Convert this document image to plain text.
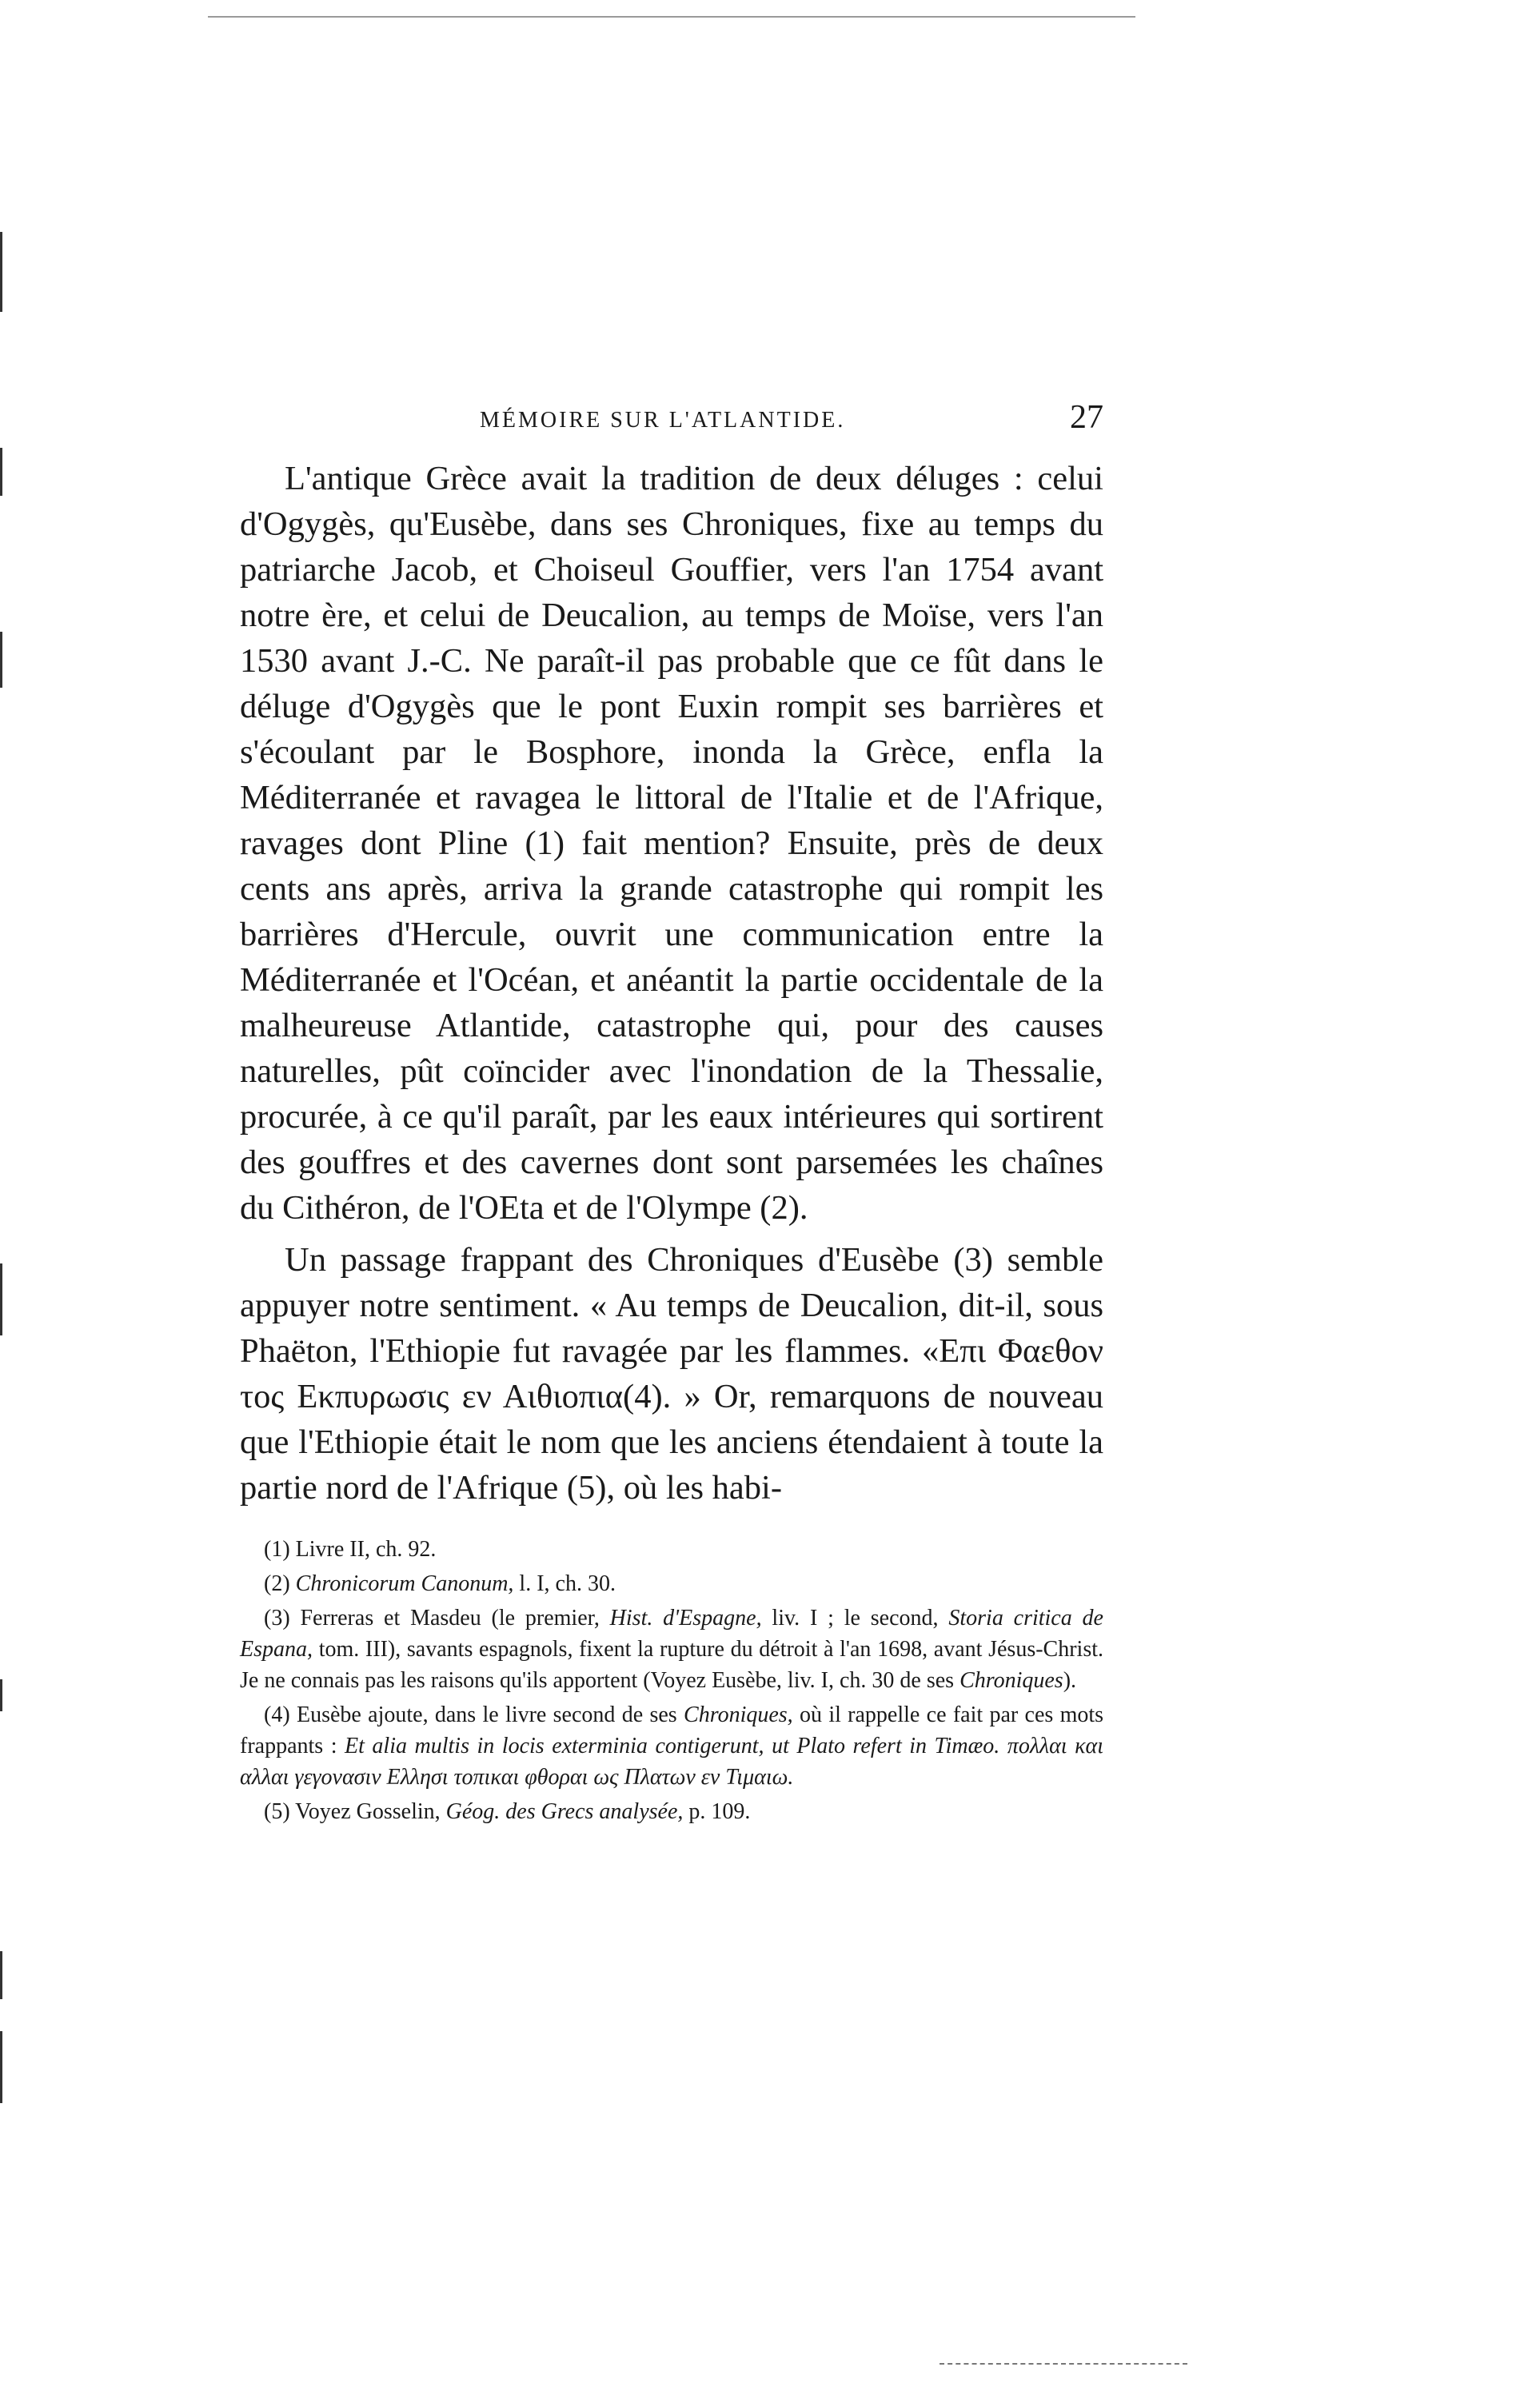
MÉMOIRE SUR L'ATLANTIDE.	27

L'antique Grèce avait la tradition de deux déluges : celui d'Ogygès, qu'Eusèbe, dans ses Chroniques, fixe au temps du patriarche Jacob, et Choiseul Gouffier, vers l'an 1754 avant notre ère, et celui de Deucalion, au temps de Moïse, vers l'an 1530 avant J.-C. Ne paraît-il pas probable que ce fût dans le déluge d'Ogygès que le pont Euxin rompit ses barrières et s'écoulant par le Bosphore, inonda la Grèce, enfla la Méditerranée et ravagea le littoral de l'Italie et de l'Afrique, ravages dont Pline (1) fait mention? Ensuite, près de deux cents ans après, arriva la grande catastrophe qui rompit les barrières d'Hercule, ouvrit une communication entre la Méditerranée et l'Océan, et anéantit la partie occidentale de la malheureuse Atlantide, catastrophe qui, pour des causes naturelles, pût coïncider avec l'inondation de la Thessalie, procurée, à ce qu'il paraît, par les eaux intérieures qui sortirent des gouffres et des cavernes dont sont parsemées les chaînes du Cithéron, de l'OEta et de l'Olympe (2).

Un passage frappant des Chroniques d'Eusèbe (3) semble appuyer notre sentiment. « Au temps de Deucalion, dit-il, sous Phaëton, l'Ethiopie fut ravagée par les flammes. «Επι Φαεθον τος Εκπυρωσις εν Αιθιοπια(4). » Or, remarquons de nouveau que l'Ethiopie était le nom que les anciens étendaient à toute la partie nord de l'Afrique (5), où les habi-

(1) Livre II, ch. 92.

(2) Chronicorum Canonum, l. I, ch. 30.

(3) Ferreras et Masdeu (le premier, Hist. d'Espagne, liv. I ; le second, Storia critica de Espana, tom. III), savants espagnols, fixent la rupture du détroit à l'an 1698, avant Jésus-Christ. Je ne connais pas les raisons qu'ils apportent (Voyez Eusèbe, liv. I, ch. 30 de ses Chroniques).

(4) Eusèbe ajoute, dans le livre second de ses Chroniques, où il rappelle ce fait par ces mots frappants : Et alia multis in locis exterminia contigerunt, ut Plato refert in Timæo. πολλαι και αλλαι γεγονασιν Ελλησι τοπικαι φθοραι ως Πλατων εν Τιμαιω.

(5) Voyez Gosselin, Géog. des Grecs analysée, p. 109.
